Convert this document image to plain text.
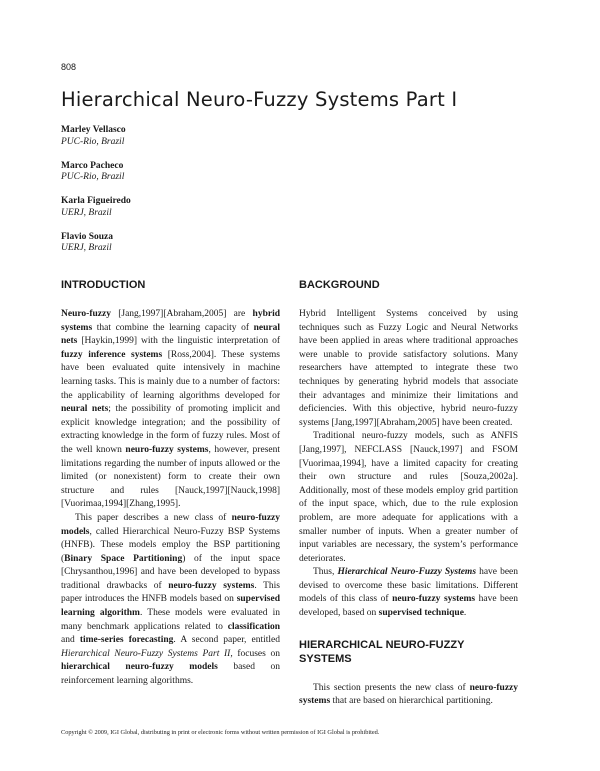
808
Hierarchical Neuro-Fuzzy Systems Part I
Marley Vellasco
PUC-Rio, Brazil
Marco Pacheco
PUC-Rio, Brazil
Karla Figueiredo
UERJ, Brazil
Flavio Souza
UERJ, Brazil
INTRODUCTION

Neuro-fuzzy [Jang,1997][Abraham,2005] are hybrid systems that combine the learning capacity of neural nets [Haykin,1999] with the linguistic interpretation of fuzzy inference systems [Ross,2004]. These systems have been evaluated quite intensively in machine learning tasks. This is mainly due to a number of factors: the applicability of learning algorithms developed for neural nets; the possibility of promoting implicit and explicit knowledge integration; and the possibility of extracting knowledge in the form of fuzzy rules. Most of the well known neuro-fuzzy systems, however, present limitations regarding the number of inputs allowed or the limited (or nonexistent) form to create their own structure and rules [Nauck,1997][Nauck,1998][Vuorimaa,1994][Zhang,1995].

This paper describes a new class of neuro-fuzzy models, called Hierarchical Neuro-Fuzzy BSP Systems (HNFB). These models employ the BSP partitioning (Binary Space Partitioning) of the input space [Chrysanthou,1996] and have been developed to bypass traditional drawbacks of neuro-fuzzy systems. This paper introduces the HNFB models based on supervised learning algorithm. These models were evaluated in many benchmark applications related to classification and time-series forecasting. A second paper, entitled Hierarchical Neuro-Fuzzy Systems Part II, focuses on hierarchical neuro-fuzzy models based on reinforcement learning algorithms.

BACKGROUND

Hybrid Intelligent Systems conceived by using techniques such as Fuzzy Logic and Neural Networks have been applied in areas where traditional approaches were unable to provide satisfactory solutions. Many researchers have attempted to integrate these two techniques by generating hybrid models that associate their advantages and minimize their limitations and deficiencies. With this objective, hybrid neuro-fuzzy systems [Jang,1997][Abraham,2005] have been created.

Traditional neuro-fuzzy models, such as ANFIS [Jang,1997], NEFCLASS [Nauck,1997] and FSOM [Vuorimaa,1994], have a limited capacity for creating their own structure and rules [Souza,2002a]. Additionally, most of these models employ grid partition of the input space, which, due to the rule explosion problem, are more adequate for applications with a smaller number of inputs. When a greater number of input variables are necessary, the system’s performance deteriorates.

Thus, Hierarchical Neuro-Fuzzy Systems have been devised to overcome these basic limitations. Different models of this class of neuro-fuzzy systems have been developed, based on supervised technique.

HIERARCHICAL NEURO-FUZZY SYSTEMS

This section presents the new class of neuro-fuzzy systems that are based on hierarchical partitioning.

Copyright © 2009, IGI Global, distributing in print or electronic forms without written permission of IGI Global is prohibited.
